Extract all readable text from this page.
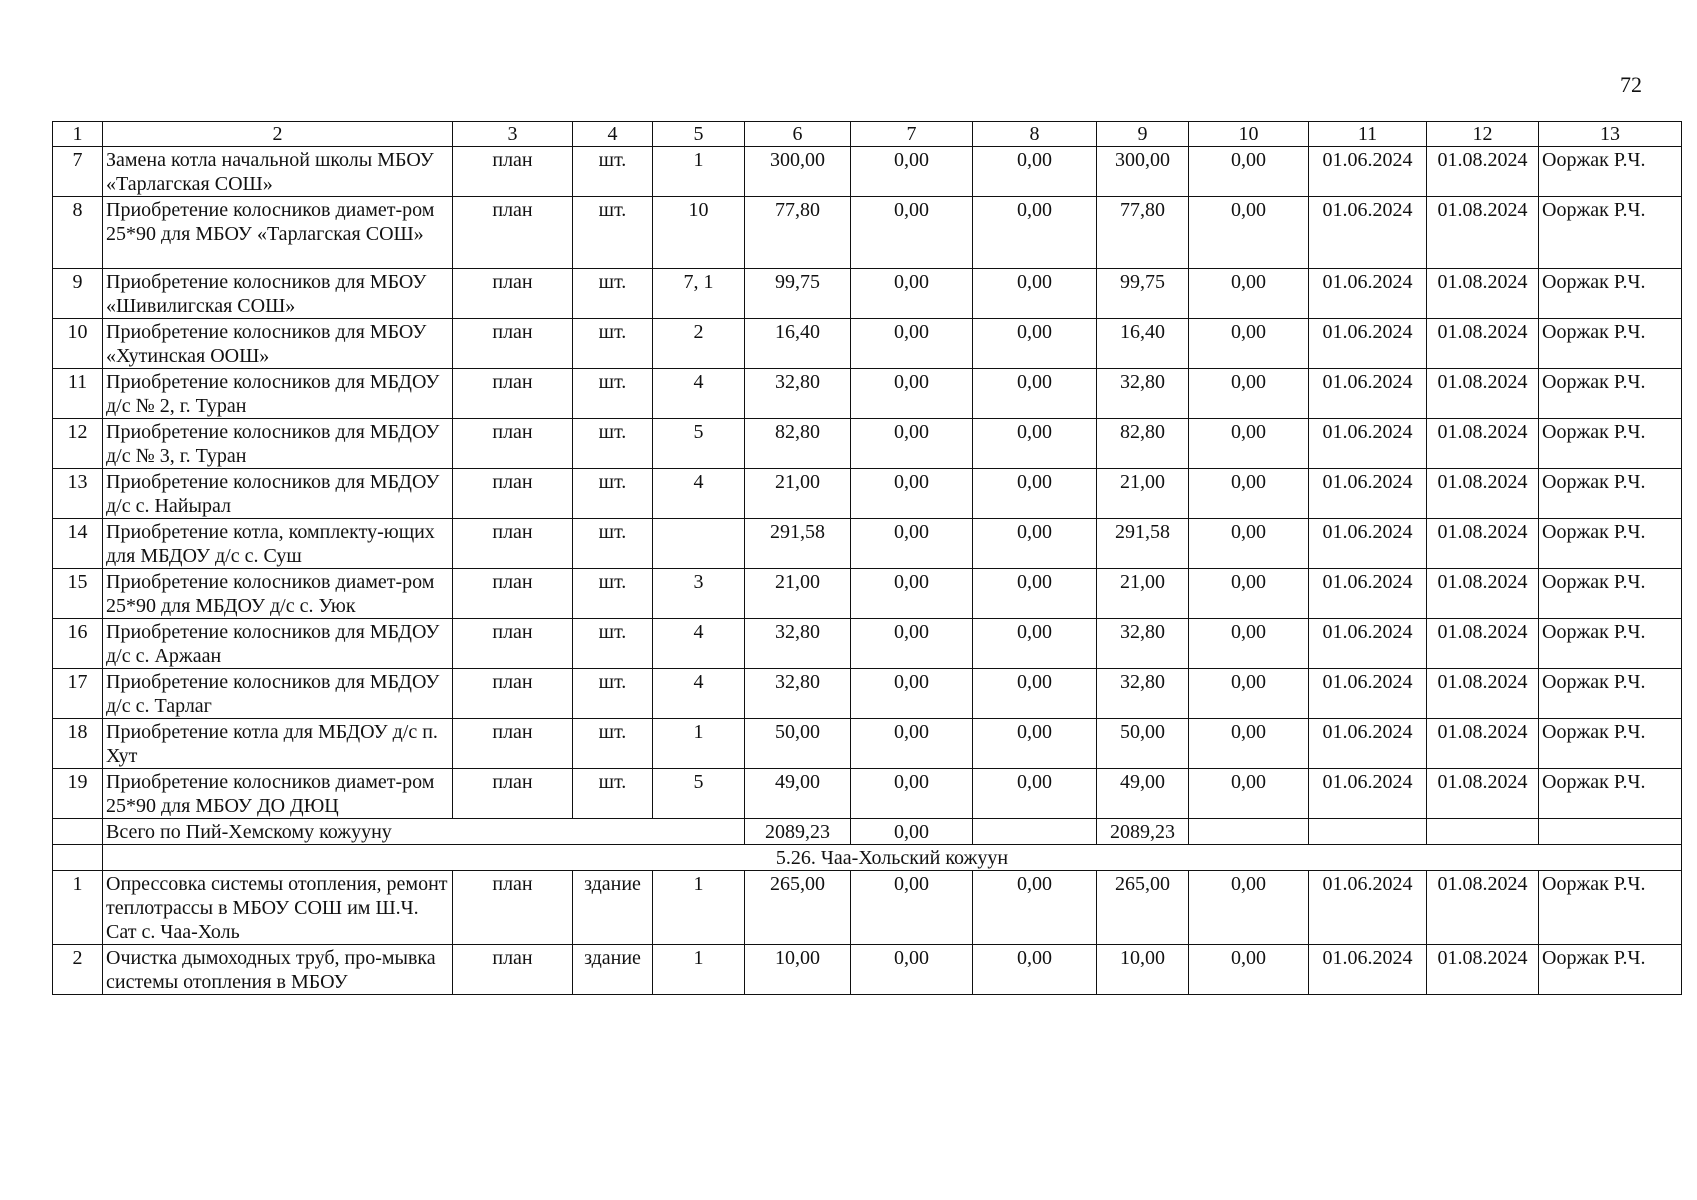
72
1	2	3	4	5	6	7	8	9	10	11	12	13
7	Замена котла начальной школы МБОУ «Тарлагская СОШ»	план	шт.	1	300,00	0,00	0,00	300,00	0,00	01.06.2024	01.08.2024	Ооржак Р.Ч.
8	Приобретение колосников диамет-ром 25*90 для МБОУ «Тарлагская СОШ»	план	шт.	10	77,80	0,00	0,00	77,80	0,00	01.06.2024	01.08.2024	Ооржак Р.Ч.
9	Приобретение колосников для МБОУ «Шивилигская СОШ»	план	шт.	7, 1	99,75	0,00	0,00	99,75	0,00	01.06.2024	01.08.2024	Ооржак Р.Ч.
10	Приобретение колосников для МБОУ «Хутинская ООШ»	план	шт.	2	16,40	0,00	0,00	16,40	0,00	01.06.2024	01.08.2024	Ооржак Р.Ч.
11	Приобретение колосников для МБДОУ д/с № 2, г. Туран	план	шт.	4	32,80	0,00	0,00	32,80	0,00	01.06.2024	01.08.2024	Ооржак Р.Ч.
12	Приобретение колосников для МБДОУ д/с № 3, г. Туран	план	шт.	5	82,80	0,00	0,00	82,80	0,00	01.06.2024	01.08.2024	Ооржак Р.Ч.
13	Приобретение колосников для МБДОУ д/с с. Найырал	план	шт.	4	21,00	0,00	0,00	21,00	0,00	01.06.2024	01.08.2024	Ооржак Р.Ч.
14	Приобретение котла, комплекту-ющих для МБДОУ д/с с. Суш	план	шт.		291,58	0,00	0,00	291,58	0,00	01.06.2024	01.08.2024	Ооржак Р.Ч.
15	Приобретение колосников диамет-ром 25*90 для МБДОУ д/с с. Уюк	план	шт.	3	21,00	0,00	0,00	21,00	0,00	01.06.2024	01.08.2024	Ооржак Р.Ч.
16	Приобретение колосников для МБДОУ д/с с. Аржаан	план	шт.	4	32,80	0,00	0,00	32,80	0,00	01.06.2024	01.08.2024	Ооржак Р.Ч.
17	Приобретение колосников для МБДОУ д/с с. Тарлаг	план	шт.	4	32,80	0,00	0,00	32,80	0,00	01.06.2024	01.08.2024	Ооржак Р.Ч.
18	Приобретение котла для МБДОУ д/с п. Хут	план	шт.	1	50,00	0,00	0,00	50,00	0,00	01.06.2024	01.08.2024	Ооржак Р.Ч.
19	Приобретение колосников диамет-ром 25*90 для МБОУ ДО ДЮЦ	план	шт.	5	49,00	0,00	0,00	49,00	0,00	01.06.2024	01.08.2024	Ооржак Р.Ч.
	Всего по Пий-Хемскому кожууну				2089,23	0,00		2089,23				
	5.26. Чаа-Хольский кожуун											
1	Опрессовка системы отопления, ремонт теплотрассы в МБОУ СОШ им Ш.Ч. Сат с. Чаа-Холь	план	здание	1	265,00	0,00	0,00	265,00	0,00	01.06.2024	01.08.2024	Ооржак Р.Ч.
2	Очистка дымоходных труб, про-мывка системы отопления в МБОУ	план	здание	1	10,00	0,00	0,00	10,00	0,00	01.06.2024	01.08.2024	Ооржак Р.Ч.
